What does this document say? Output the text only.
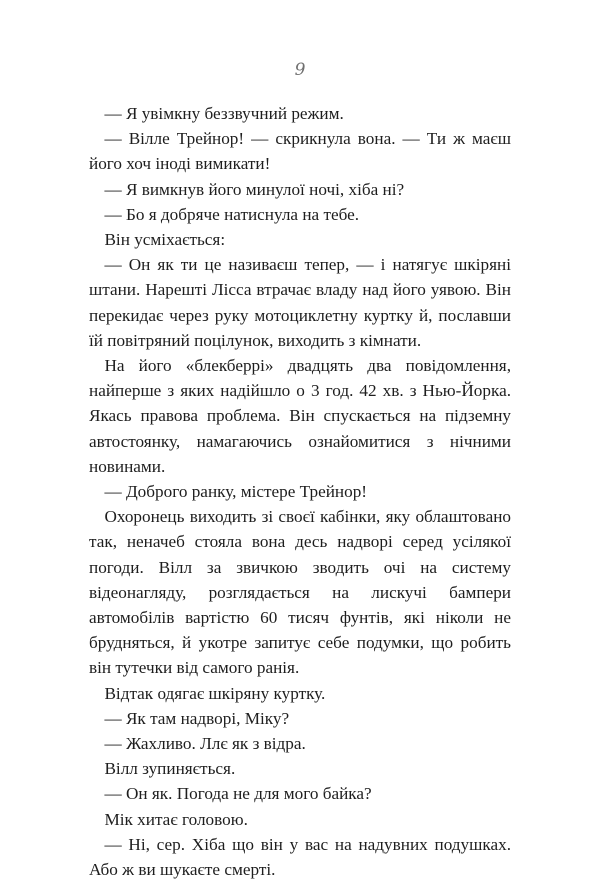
9

— Я увімкну беззвучний режим.

— Вілле Трейнор! — скрикнула вона. — Ти ж маєш його хоч іноді вимикати!

— Я вимкнув його минулої ночі, хіба ні?

— Бо я добряче натиснула на тебе.

Він усміхається:

— Он як ти це називаєш тепер, — і натягує шкіряні штани. Нарешті Лісса втрачає владу над його уявою. Він перекидає через руку мотоциклетну куртку й, пославши їй повітряний поцілунок, виходить з кімнати.

На його «блекберрі» двадцять два повідомлення, найперше з яких надійшло о 3 год. 42 хв. з Нью-Йорка. Якась правова проблема. Він спускається на підземну автостоянку, намагаючись ознайомитися з нічними новинами.

— Доброго ранку, містере Трейнор!

Охоронець виходить зі своєї кабінки, яку облаштовано так, неначеб стояла вона десь надворі серед усілякої погоди. Вілл за звичкою зводить очі на систему відеонагляду, розглядається на лискучі бампери автомобілів вартістю 60 тисяч фунтів, які ніколи не брудняться, й укотре запитує себе подумки, що робить він тутечки від самого ранія.

Відтак одягає шкіряну куртку.

— Як там надворі, Міку?

— Жахливо. Ллє як з відра.

Вілл зупиняється.

— Он як. Погода не для мого байка?

Мік хитає головою.

— Ні, сер. Хіба що він у вас на надувних подушках. Або ж ви шукаєте смерті.
